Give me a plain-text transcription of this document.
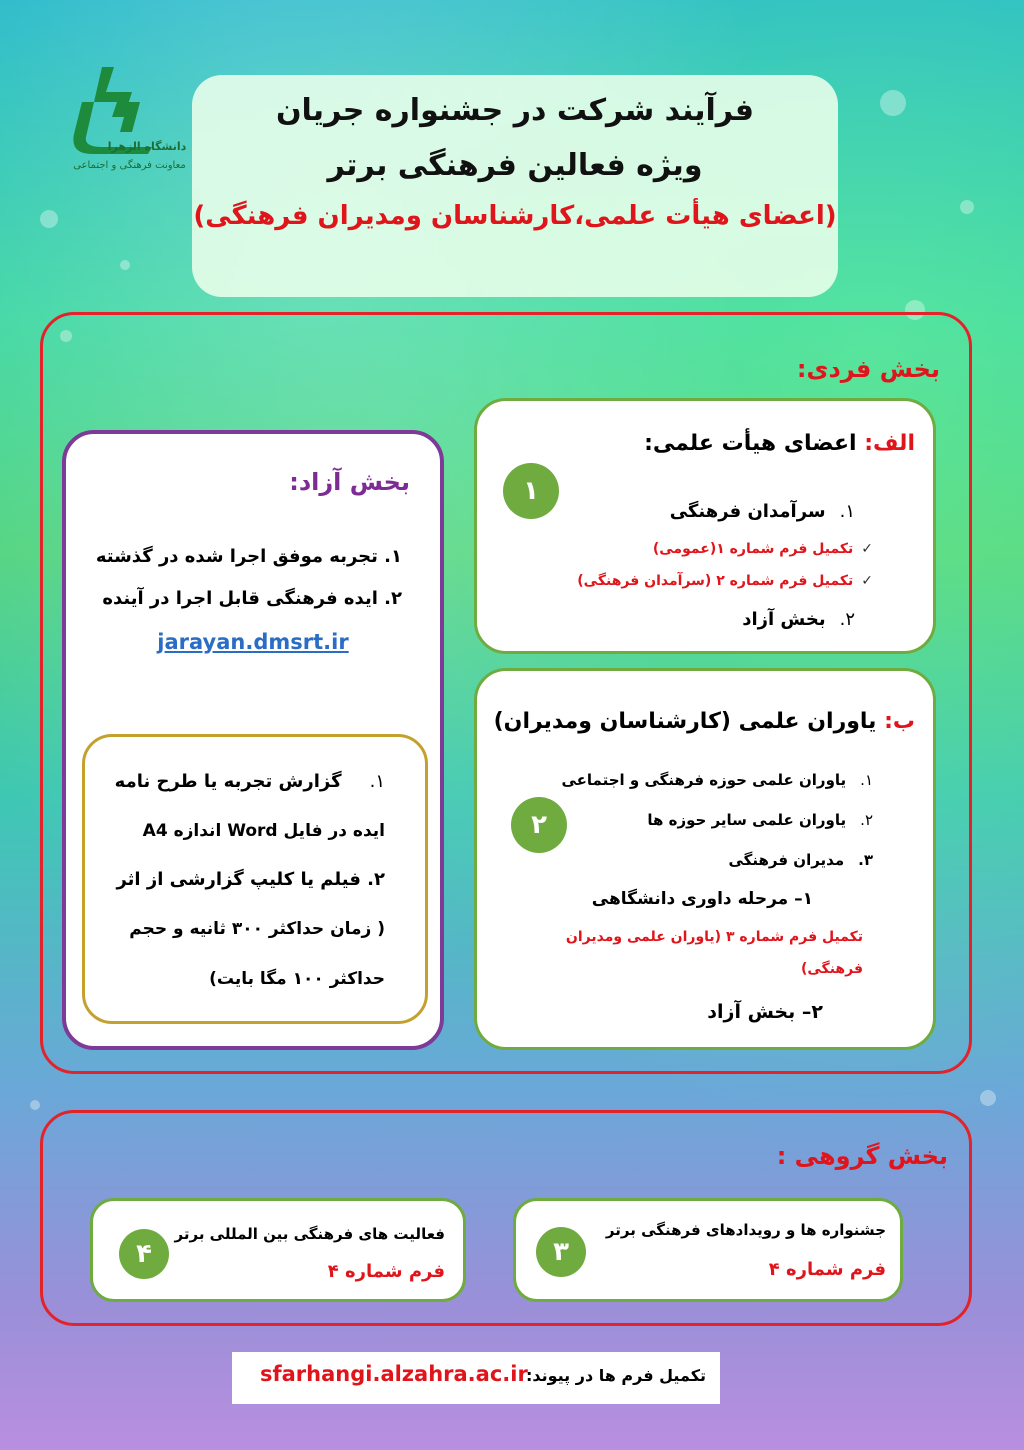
دانشگاه الزهرا
معاونت فرهنگی و اجتماعی
فرآیند شرکت در جشنواره جریان
ویژه فعالین فرهنگی برتر
(اعضای هیأت علمی،کارشناسان ومدیران فرهنگی)
بخش فردی:
الف: اعضای هیأت علمی:
۱
۱.سرآمدان فرهنگی
✓تکمیل فرم شماره ۱(عمومی)
✓تکمیل فرم شماره ۲ (سرآمدان فرهنگی)
۲.بخش آزاد
ب: یاوران علمی (کارشناسان ومدیران)
۲
۱.یاوران علمی حوزه فرهنگی و اجتماعی
۲.یاوران علمی سایر حوزه ها
۳.مدیران فرهنگی
۱– مرحله داوری دانشگاهی
تکمیل فرم شماره ۳ (یاوران علمی ومدیران
فرهنگی)
۲– بخش آزاد
بخش آزاد:
۱. تجربه موفق اجرا شده در گذشته
۲. ایده فرهنگی قابل اجرا در آینده
jarayan.dmsrt.ir
۱.گزارش تجربه یا طرح نامه
ایده در فایل Word اندازه A4
۲. فیلم یا کلیپ گزارشی از اثر
( زمان حداکثر ۳۰۰ ثانیه و حجم
حداکثر ۱۰۰ مگا بایت)
بخش گروهی :
جشنواره ها و رویدادهای فرهنگی برتر
فرم شماره ۴
۳
فعالیت های فرهنگی بین المللی برتر
فرم شماره ۴
۴
تکمیل فرم ها در پیوند:
sfarhangi.alzahra.ac.ir
